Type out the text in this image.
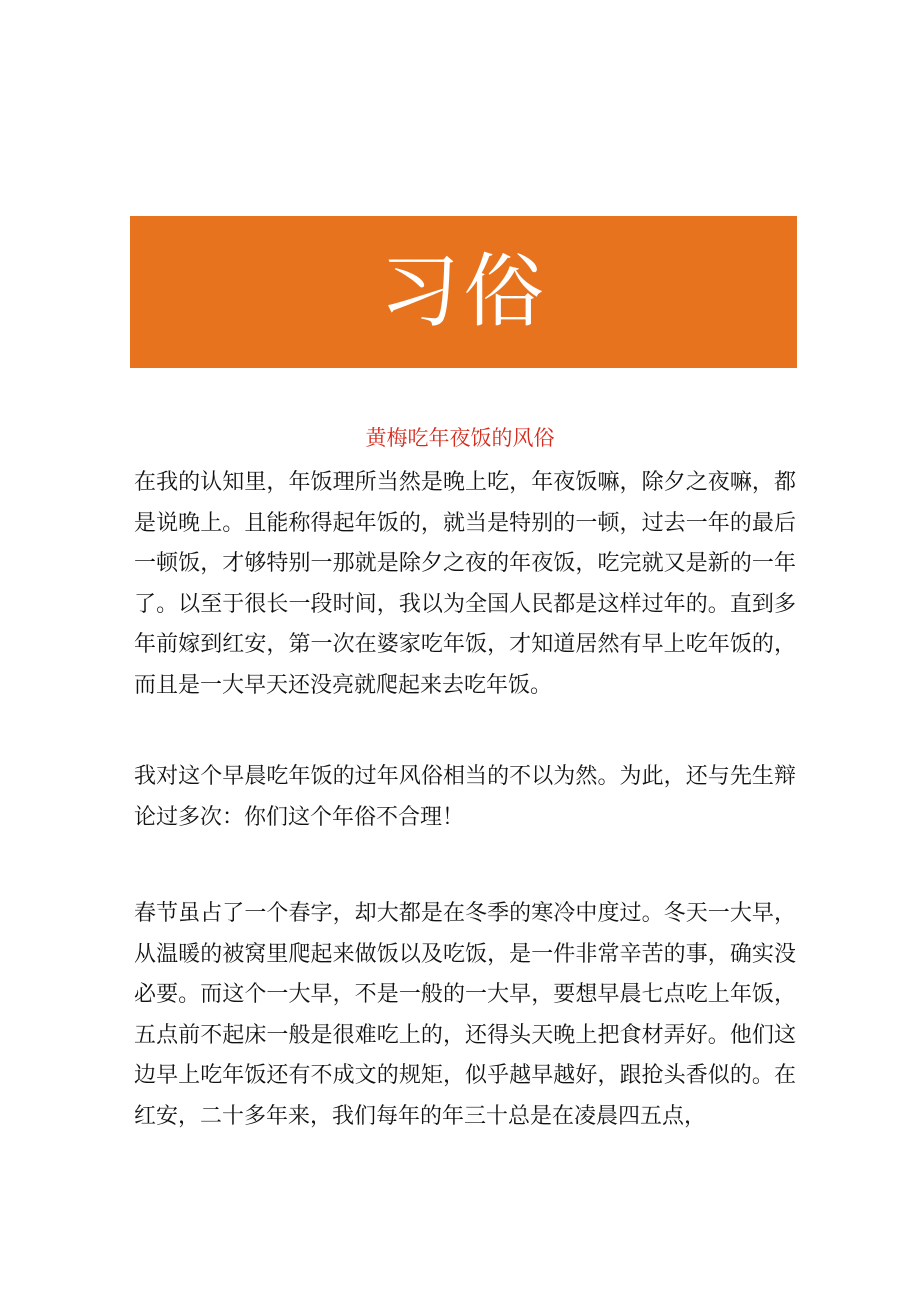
习俗
黄梅吃年夜饭的风俗

在我的认知里，年饭理所当然是晚上吃，年夜饭嘛，除夕之夜嘛，都是说晚上。且能称得起年饭的，就当是特别的一顿，过去一年的最后一顿饭，才够特别一那就是除夕之夜的年夜饭，吃完就又是新的一年了。以至于很长一段时间，我以为全国人民都是这样过年的。直到多年前嫁到红安，第一次在婆家吃年饭，才知道居然有早上吃年饭的，而且是一大早天还没亮就爬起来去吃年饭。

我对这个早晨吃年饭的过年风俗相当的不以为然。为此，还与先生辩论过多次：你们这个年俗不合理！

春节虽占了一个春字，却大都是在冬季的寒冷中度过。冬天一大早，从温暖的被窝里爬起来做饭以及吃饭，是一件非常辛苦的事，确实没必要。而这个一大早，不是一般的一大早，要想早晨七点吃上年饭，五点前不起床一般是很难吃上的，还得头天晚上把食材弄好。他们这边早上吃年饭还有不成文的规矩，似乎越早越好，跟抢头香似的。在红安，二十多年来，我们每年的年三十总是在凌晨四五点，
